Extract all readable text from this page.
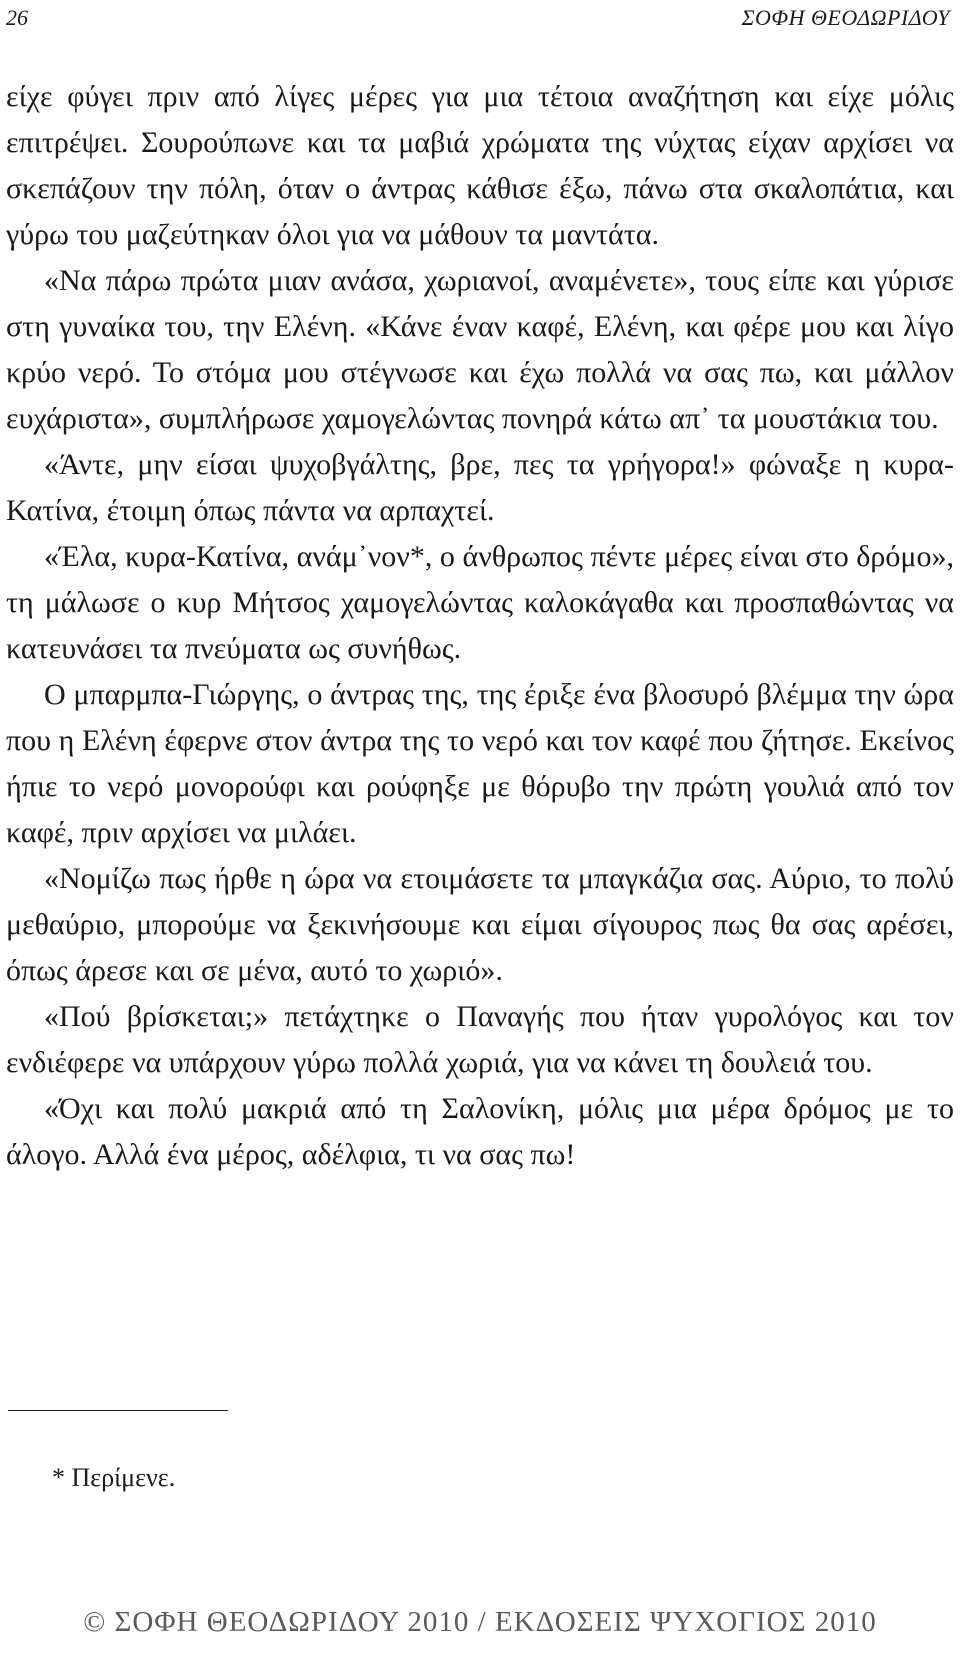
26	ΣΟΦΗ ΘΕΟΔΩΡΙΔΟΥ

είχε φύγει πριν από λίγες μέρες για μια τέτοια αναζήτηση και είχε μόλις επιτρέψει. Σουρούπωνε και τα μαβιά χρώματα της νύχτας είχαν αρχίσει να σκεπάζουν την πόλη, όταν ο άντρας κάθισε έξω, πάνω στα σκαλοπάτια, και γύρω του μαζεύτηκαν όλοι για να μάθουν τα μαντάτα.

«Να πάρω πρώτα μιαν ανάσα, χωριανοί, αναμένετε», τους είπε και γύρισε στη γυναίκα του, την Ελένη. «Κάνε έναν καφέ, Ελένη, και φέρε μου και λίγο κρύο νερό. Το στόμα μου στέγνωσε και έχω πολλά να σας πω, και μάλλον ευχάριστα», συμπλήρωσε χαμογελώντας πονηρά κάτω απ᾽ τα μουστάκια του.

«Άντε, μην είσαι ψυχοβγάλτης, βρε, πες τα γρήγορα!» φώναξε η κυρα-Κατίνα, έτοιμη όπως πάντα να αρπαχτεί.

«Έλα, κυρα-Κατίνα, ανάμ᾽νον*, ο άνθρωπος πέντε μέρες είναι στο δρόμο», τη μάλωσε ο κυρ Μήτσος χαμογελώντας καλοκάγαθα και προσπαθώντας να κατευνάσει τα πνεύματα ως συνήθως.

Ο μπαρμπα-Γιώργης, ο άντρας της, της έριξε ένα βλοσυρό βλέμμα την ώρα που η Ελένη έφερνε στον άντρα της το νερό και τον καφέ που ζήτησε. Εκείνος ήπιε το νερό μονορούφι και ρούφηξε με θόρυβο την πρώτη γουλιά από τον καφέ, πριν αρχίσει να μιλάει.

«Νομίζω πως ήρθε η ώρα να ετοιμάσετε τα μπαγκάζια σας. Αύριο, το πολύ μεθαύριο, μπορούμε να ξεκινήσουμε και είμαι σίγουρος πως θα σας αρέσει, όπως άρεσε και σε μένα, αυτό το χωριό».

«Πού βρίσκεται;» πετάχτηκε ο Παναγής που ήταν γυρολόγος και τον ενδιέφερε να υπάρχουν γύρω πολλά χωριά, για να κάνει τη δουλειά του.

«Όχι και πολύ μακριά από τη Σαλονίκη, μόλις μια μέρα δρόμος με το άλογο. Αλλά ένα μέρος, αδέλφια, τι να σας πω!

* Περίμενε.
© ΣΟΦΗ ΘΕΟΔΩΡΙΔΟΥ 2010 / ΕΚΔΟΣΕΙΣ ΨΥΧΟΓΙΟΣ 2010
